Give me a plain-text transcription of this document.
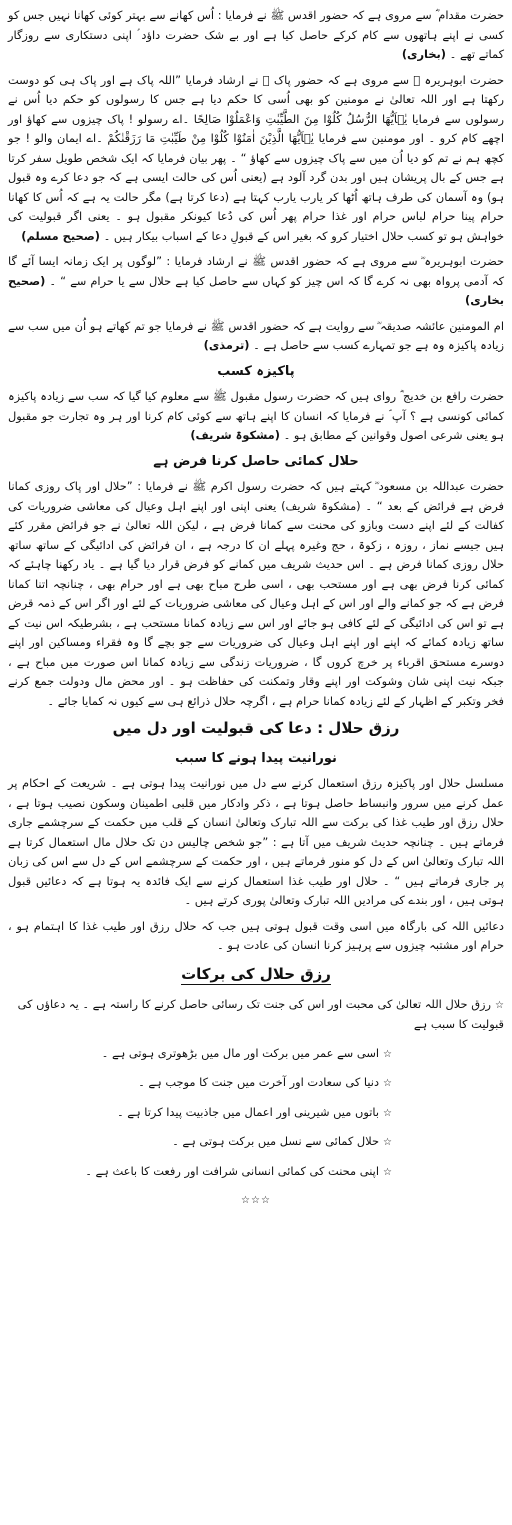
حضرت مقدام ؓ سے مروی ہے کہ حضور اقدس ﷺ نے فرمایا : اُس کھانے سے بہتر کوئی کھانا نہیں جس کو کسی نے اپنے ہاتھوں سے کام کرکے حاصل کیا ہے اور بے شک حضرت داؤد ؑ اپنی دستکاری سے روزگار کماتے تھے ۔ (بخاری)

حضرت ابوہریرہ ؓ سے مروی ہے کہ حضور پاک ﷺ نے ارشاد فرمایا ”اللہ پاک ہے اور پاک ہی کو دوست رکھتا ہے اور اللہ تعالیٰ نے مومنین کو بھی اُسی کا حکم دیا ہے جس کا رسولوں کو حکم دیا اُس نے رسولوں سے فرمایا یٰۤاَیُّهَا الرُّسُلُ كُلُوْا مِنَ الطَّیِّبٰتِ وَاعْمَلُوْا صَالِحًا ۔اے رسولو ! پاک چیزوں سے کھاؤ اور اچھے کام کرو ۔ اور مومنین سے فرمایا یٰۤاَیُّهَا الَّذِیْنَ اٰمَنُوْا كُلُوْا مِنْ طَیِّبٰتِ مَا رَزَقْنٰكُمْ ۔اے ایمان والو ! جو کچھ ہم نے تم کو دیا اُن میں سے پاک چیزوں سے کھاؤ “ ۔ پھر بیان فرمایا کہ ایک شخص طویل سفر کرتا ہے جس کے بال پریشان ہیں اور بدن گرد آلود ہے (یعنی اُس کی حالت ایسی ہے کہ جو دعا کرے وہ قبول ہو) وہ آسمان کی طرف ہاتھ اُٹھا کر یارب یارب کہتا ہے (دعا کرتا ہے) مگر حالت یہ ہے کہ اُس کا کھانا حرام پینا حرام لباس حرام اور غذا حرام پھر اُس کی دُعا کیونکر مقبول ہو ۔ یعنی اگر قبولیت کی خواہش ہو تو کسب حلال اختیار کرو کہ بغیر اس کے قبولِ دعا کے اسباب بیکار ہیں ۔ (صحیح مسلم)

حضرت ابوہریرہ ؓ سے مروی ہے کہ حضور اقدس ﷺ نے ارشاد فرمایا : ”لوگوں پر ایک زمانہ ایسا آئے گا کہ آدمی پرواہ بھی نہ کرے گا کہ اس چیز کو کہاں سے حاصل کیا ہے حلال سے یا حرام سے “ ۔ (صحیح بخاری)

ام المومنین عائشہ صدیقہ ؓ سے روایت ہے کہ حضور اقدس ﷺ نے فرمایا جو تم کھاتے ہو اُن میں سب سے زیادہ پاکیزہ وہ ہے جو تمہارے کسب سے حاصل ہے ۔ (ترمذی)

پاکیزہ کسب

حضرت رافع بن خدیج ؓ روای ہیں کہ حضرت رسول مقبول ﷺ سے معلوم کیا گیا کہ سب سے زیادہ پاکیزہ کمائی کونسی ہے ؟ آپ ؐ نے فرمایا کہ انسان کا اپنے ہاتھ سے کوئی کام کرنا اور ہر وہ تجارت جو مقبول ہو یعنی شرعی اصول وقوانین کے مطابق ہو ۔ (مشکوۃ شریف)

حلال کمائی حاصل کرنا فرض ہے

حضرت عبداللہ بن مسعود ؓ کہتے ہیں کہ حضرت رسول اکرم ﷺ نے فرمایا : ”حلال اور پاک روزی کمانا فرض ہے فرائض کے بعد “ ۔ (مشکوۃ شریف) یعنی اپنی اور اپنے اہل وعیال کی معاشی ضروریات کی کفالت کے لئے اپنے دست وبازو کی محنت سے کمانا فرض ہے ، لیکن اللہ تعالیٰ نے جو فرائض مقرر کئے ہیں جیسے نماز ، روزہ ، زکوۃ ، حج وغیرہ پہلے ان کا درجہ ہے ، ان فرائض کی ادائیگی کے ساتھ ساتھ حلال روزی کمانا فرض ہے ۔ اس حدیث شریف میں کمانے کو فرض قرار دیا گیا ہے ۔ یاد رکھنا چاہئے کہ کمائی کرنا فرض بھی ہے اور مستحب بھی ، اسی طرح مباح بھی ہے اور حرام بھی ، چنانچہ اتنا کمانا فرض ہے کہ جو کمانے والے اور اس کے اہل وعیال کی معاشی ضروریات کے لئے اور اگر اس کے ذمہ قرض ہے تو اس کی ادائیگی کے لئے کافی ہو جائے اور اس سے زیادہ کمانا مستحب ہے ، بشرطیکہ اس نیت کے ساتھ زیادہ کمائے کہ اپنے اور اپنے اہل وعیال کی ضروریات سے جو بچے گا وہ فقراء ومساکین اور اپنے دوسرے مستحق اقرباء پر خرچ کروں گا ، ضروریات زندگی سے زیادہ کمانا اس صورت میں مباح ہے ، جبکہ نیت اپنی شان وشوکت اور اپنے وقار وتمکنت کی حفاظت ہو ۔ اور محض مال ودولت جمع کرنے فخر وتکبر کے اظہار کے لئے زیادہ کمانا حرام ہے ، اگرچہ حلال ذرائع ہی سے کیوں نہ کمایا جائے ۔

رزق حلال : دعا کی قبولیت اور دل میں
نورانیت پیدا ہونے کا سبب

مسلسل حلال اور پاکیزہ رزق استعمال کرنے سے دل میں نورانیت پیدا ہوتی ہے ۔ شریعت کے احکام پر عمل کرنے میں سرور وانبساط حاصل ہوتا ہے ، ذکر وادکار میں قلبی اطمینان وسکون نصیب ہوتا ہے ، حلال رزق اور طیب غذا کی برکت سے اللہ تبارک وتعالیٰ انسان کے قلب میں حکمت کے سرچشمے جاری فرماتے ہیں ۔ چنانچہ حدیث شریف میں آتا ہے : ”جو شخص چالیس دن تک حلال مال استعمال کرتا ہے اللہ تبارک وتعالیٰ اس کے دل کو منور فرماتے ہیں ، اور حکمت کے سرچشمے اس کے دل سے اس کی زبان پر جاری فرماتے ہیں “ ۔ حلال اور طیب غذا استعمال کرنے سے ایک فائدہ یہ ہوتا ہے کہ دعائیں قبول ہوتی ہیں ، اور بندے کی مرادیں اللہ تبارک وتعالیٰ پوری کرتے ہیں ۔

دعائیں اللہ کی بارگاہ میں اسی وقت قبول ہوتی ہیں جب کہ حلال رزق اور طیب غذا کا اہتمام ہو ، حرام اور مشتبہ چیزوں سے پرہیز کرنا انسان کی عادت ہو ۔

رزق حلال کی برکات
☆رزق حلال اللہ تعالیٰ کی محبت اور اس کی جنت تک رسائی حاصل کرنے کا راستہ ہے ۔ یہ دعاؤں کی قبولیت کا سبب ہے
☆اسی سے عمر میں برکت اور مال میں بڑھوتری ہوتی ہے ۔
☆دنیا کی سعادت اور آخرت میں جنت کا موجب ہے ۔
☆باتوں میں شیرینی اور اعمال میں جاذبیت پیدا کرتا ہے ۔
☆حلال کمائی سے نسل میں برکت ہوتی ہے ۔
☆اپنی محنت کی کمائی انسانی شرافت اور رفعت کا باعث ہے ۔
☆☆☆
